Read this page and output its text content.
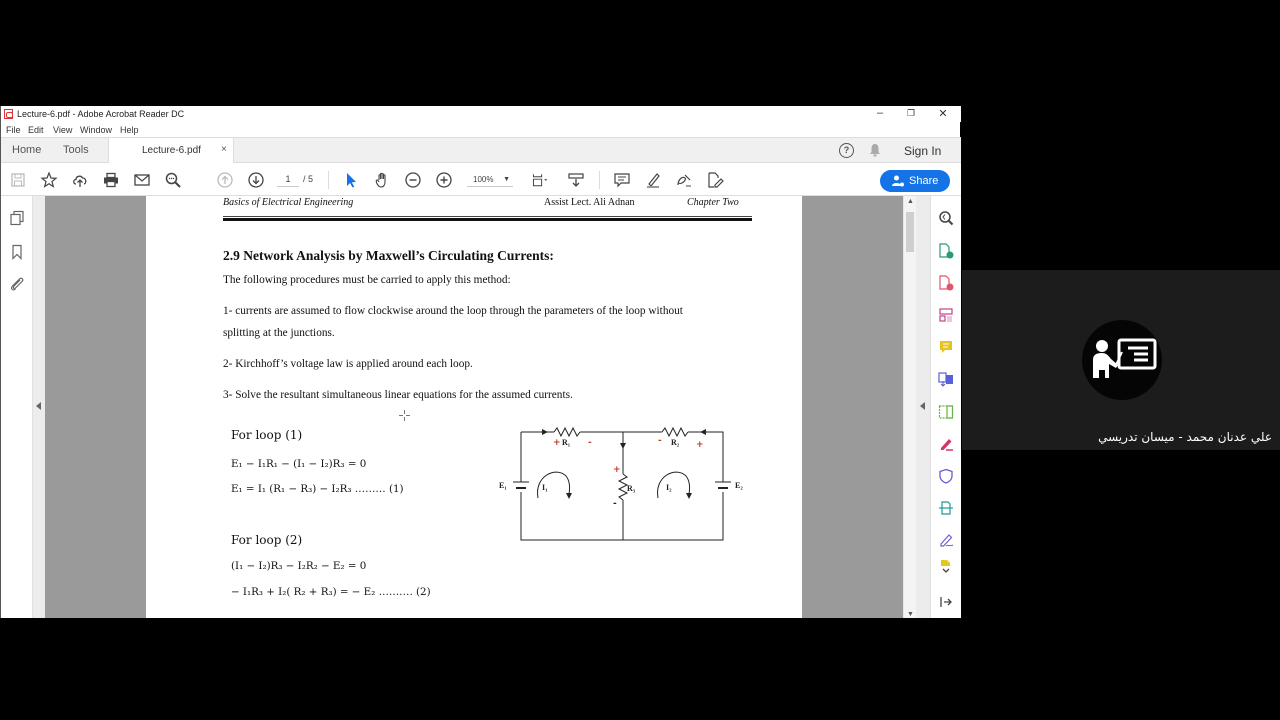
Lecture-6.pdf - Adobe Acrobat Reader DC	–	❐	✕
File Edit View Window Help
Home Tools	Lecture-6.pdf ×	?	Sign In
1	/ 5	100% ▼	Share
Basics of Electrical Engineering	Assist Lect. Ali Adnan	Chapter Two
2.9 Network Analysis by Maxwell’s Circulating Currents:
The following procedures must be carried to apply this method:
1- currents are assumed to flow clockwise around the loop through the parameters of the loop without
splitting at the junctions.
2- Kirchhoff’s voltage law is applied around each loop.
3- Solve the resultant simultaneous linear equations for the assumed currents.
For loop (1)
E₁ − I₁R₁ − (I₁ − I₂)R₃ = 0
E₁ = I₁ (R₁ − R₃) − I₂R₃ ……… (1)
For loop (2)
(I₁ − I₂)R₃ − I₂R₂ − E₂ = 0
− I₁R₃ + I₂( R₂ + R₃) = − E₂ ………. (2)
R₁	R₂
R₃
E₁	E₂
I₁	I₂
+	-	-	+
+
-
▲
▼
علي عدنان محمد - ميسان تدريسي
